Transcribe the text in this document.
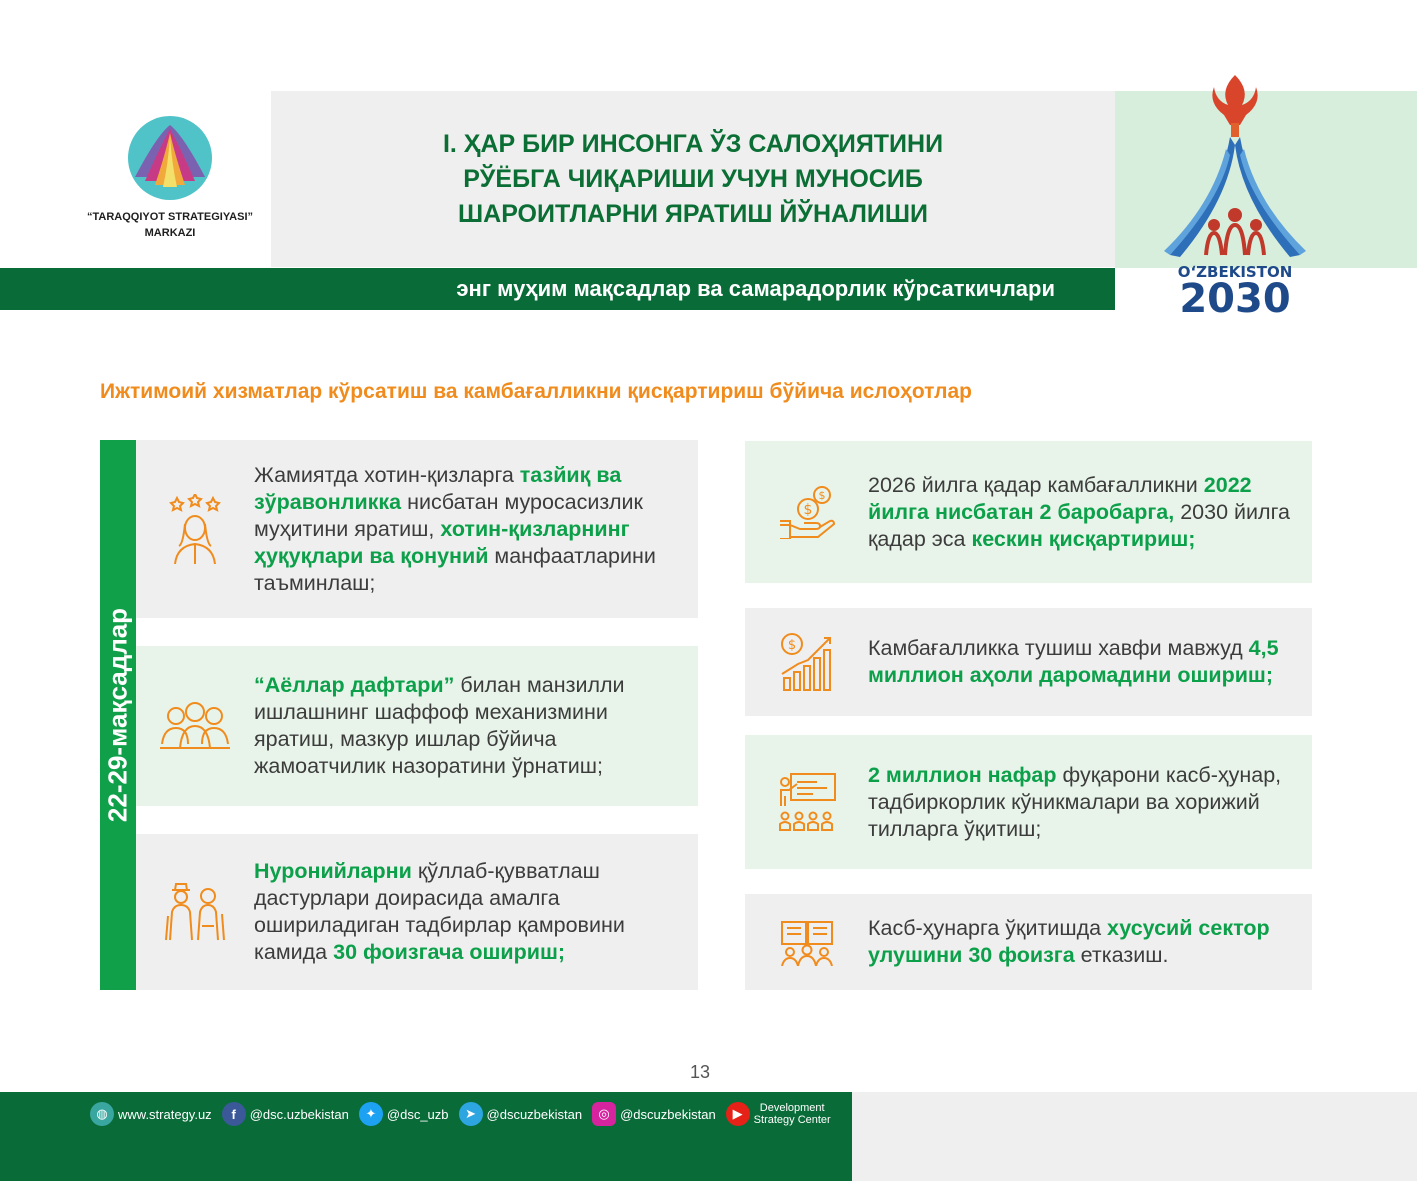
“TARAQQIYOT STRATEGIYASI”
MARKAZI
I. ҲАР БИР ИНСОНГА ЎЗ САЛОҲИЯТИНИ
РЎЁБГА ЧИҚАРИШИ УЧУН МУНОСИБ
ШАРОИТЛАРНИ ЯРАТИШ ЙЎНАЛИШИ
энг муҳим мақсадлар ва самарадорлик кўрсаткичлари
OʻZBEKISTON
2030
Ижтимоий хизматлар кўрсатиш ва камбағалликни қисқартириш бўйича ислоҳотлар
22-29-мақсадлар
Жамиятда хотин-қизларга тазйиқ ва зўравонликка нисбатан муросасизлик муҳитини яратиш, хотин-қизларнинг ҳуқуқлари ва қонуний манфаатларини таъминлаш;
“Аёллар дафтари” билан манзилли ишлашнинг шаффоф механизмини яратиш, мазкур ишлар бўйича жамоатчилик назоратини ўрнатиш;
Нуронийларни қўллаб-қувватлаш дастурлари доирасида амалга ошириладиган тадбирлар қамровини камида 30 фоизгача ошириш;
$
$
2026 йилга қадар камбағалликни 2022 йилга нисбатан 2 баробарга, 2030 йилга қадар эса кескин қисқартириш;
$	Камбағалликка тушиш хавфи мавжуд 4,5 миллион аҳоли даромадини ошириш;
2 миллион нафар фуқарони касб-ҳунар, тадбиркорлик кўникмалари ва хорижий тилларга ўқитиш;
Касб-ҳунарга ўқитишда хусусий сектор улушини 30 фоизга етказиш.
13
◍ www.strategy.uz	f	@dsc.uzbekistan	✦ @dsc_uzb	➤ @dscuzbekistan	◎ @dscuzbekistan	▶	Development
Strategy Center
